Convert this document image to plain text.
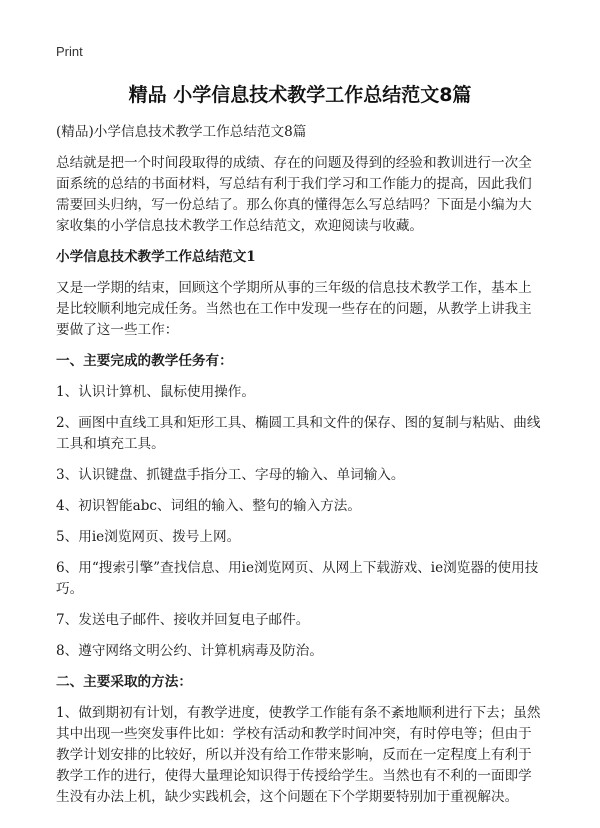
Print
精品 小学信息技术教学工作总结范文8篇

(精品)小学信息技术教学工作总结范文8篇

总结就是把一个时间段取得的成绩、存在的问题及得到的经验和教训进行一次全面系统的总结的书面材料，写总结有利于我们学习和工作能力的提高，因此我们需要回头归纳，写一份总结了。那么你真的懂得怎么写总结吗？下面是小编为大家收集的小学信息技术教学工作总结范文，欢迎阅读与收藏。

小学信息技术教学工作总结范文1

又是一学期的结束，回顾这个学期所从事的三年级的信息技术教学工作，基本上是比较顺利地完成任务。当然也在工作中发现一些存在的问题，从教学上讲我主要做了这一些工作：

一、主要完成的教学任务有：

1、认识计算机、鼠标使用操作。

2、画图中直线工具和矩形工具、椭圆工具和文件的保存、图的复制与粘贴、曲线工具和填充工具。

3、认识键盘、抓键盘手指分工、字母的输入、单词输入。

4、初识智能abc、词组的输入、整句的输入方法。

5、用ie浏览网页、拨号上网。

6、用“搜索引擎”查找信息、用ie浏览网页、从网上下载游戏、ie浏览器的使用技巧。

7、发送电子邮件、接收并回复电子邮件。

8、遵守网络文明公约、计算机病毒及防治。

二、主要采取的方法：

1、做到期初有计划，有教学进度，使教学工作能有条不紊地顺利进行下去；虽然其中出现一些突发事件比如：学校有活动和教学时间冲突，有时停电等；但由于教学计划安排的比较好，所以并没有给工作带来影响，反而在一定程度上有利于教学工作的进行，使得大量理论知识得于传授给学生。当然也有不利的一面即学生没有办法上机，缺少实践机会，这个问题在下个学期要特别加于重视解决。
